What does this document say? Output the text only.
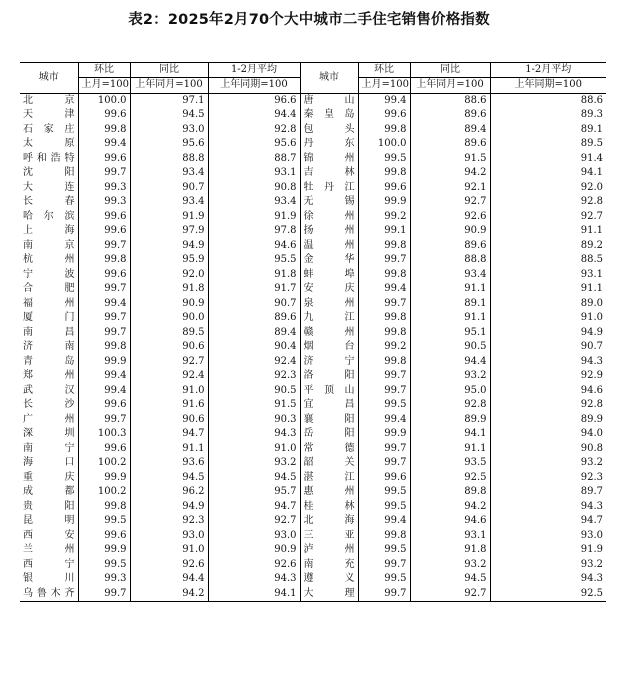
表2：2025年2月70个大中城市二手住宅销售价格指数
城市	环比	同比	1-2月平均	城市	环比	同比	1-2月平均
	上月=100	上年同月=100	上年同期=100		上月=100	上年同月=100	上年同期=100
北 京	100.0	97.1	96.6	唐 山	99.4	88.6	88.6
天 津	99.6	94.5	94.4	秦皇岛	99.6	89.6	89.3
石家庄	99.8	93.0	92.8	包 头	99.8	89.4	89.1
太 原	99.4	95.6	95.6	丹 东	100.0	89.6	89.5
呼和浩特	99.6	88.8	88.7	锦 州	99.5	91.5	91.4
沈 阳	99.7	93.4	93.1	吉 林	99.8	94.2	94.1
大 连	99.3	90.7	90.8	牡丹江	99.6	92.1	92.0
长 春	99.3	93.4	93.4	无 锡	99.9	92.7	92.8
哈尔滨	99.6	91.9	91.9	徐 州	99.2	92.6	92.7
上 海	99.6	97.9	97.8	扬 州	99.1	90.9	91.1
南 京	99.7	94.9	94.6	温 州	99.8	89.6	89.2
杭 州	99.8	95.9	95.5	金 华	99.7	88.8	88.5
宁 波	99.6	92.0	91.8	蚌 埠	99.8	93.4	93.1
合 肥	99.7	91.8	91.7	安 庆	99.4	91.1	91.1
福 州	99.4	90.9	90.7	泉 州	99.7	89.1	89.0
厦 门	99.7	90.0	89.6	九 江	99.8	91.1	91.0
南 昌	99.7	89.5	89.4	赣 州	99.8	95.1	94.9
济 南	99.8	90.6	90.4	烟 台	99.2	90.5	90.7
青 岛	99.9	92.7	92.4	济 宁	99.8	94.4	94.3
郑 州	99.4	92.4	92.3	洛 阳	99.7	93.2	92.9
武 汉	99.4	91.0	90.5	平顶山	99.7	95.0	94.6
长 沙	99.6	91.6	91.5	宜 昌	99.5	92.8	92.8
广 州	99.7	90.6	90.3	襄 阳	99.4	89.9	89.9
深 圳	100.3	94.7	94.3	岳 阳	99.9	94.1	94.0
南 宁	99.6	91.1	91.0	常 德	99.7	91.1	90.8
海 口	100.2	93.6	93.2	韶 关	99.7	93.5	93.2
重 庆	99.9	94.5	94.5	湛 江	99.6	92.5	92.3
成 都	100.2	96.2	95.7	惠 州	99.5	89.8	89.7
贵 阳	99.8	94.9	94.7	桂 林	99.5	94.2	94.3
昆 明	99.5	92.3	92.7	北 海	99.4	94.6	94.7
西 安	99.6	93.0	93.0	三 亚	99.8	93.1	93.0
兰 州	99.9	91.0	90.9	泸 州	99.5	91.8	91.9
西 宁	99.5	92.6	92.6	南 充	99.7	93.2	93.2
银 川	99.3	94.4	94.3	遵 义	99.5	94.5	94.3
乌鲁木齐	99.7	94.2	94.1	大 理	99.7	92.7	92.5
